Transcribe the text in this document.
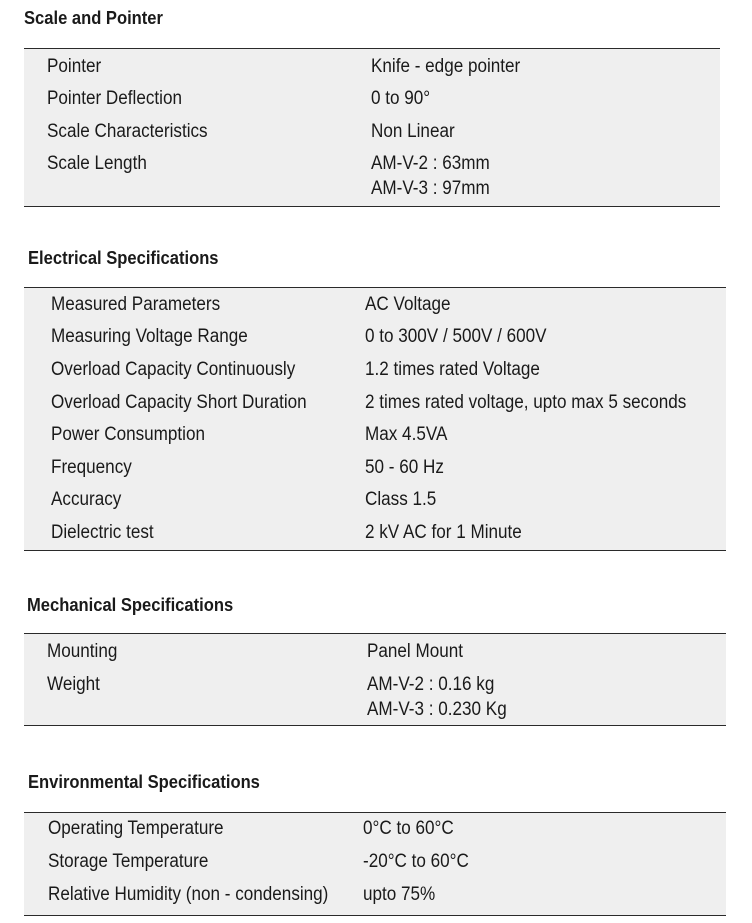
Scale and Pointer
Pointer	Knife - edge pointer
Pointer Deflection	0 to 90°
Scale Characteristics	Non Linear
Scale Length	AM-V-2 : 63mm
AM-V-3 : 97mm
Electrical Specifications
Measured Parameters	AC Voltage
Measuring Voltage Range	0 to 300V / 500V / 600V
Overload Capacity Continuously	1.2 times rated Voltage
Overload Capacity Short Duration	2 times rated voltage, upto max 5 seconds
Power Consumption	Max 4.5VA
Frequency	50 - 60 Hz
Accuracy	Class 1.5
Dielectric test	2 kV AC for 1 Minute
Mechanical Specifications
Mounting	Panel Mount
Weight	AM-V-2 : 0.16 kg
AM-V-3 : 0.230 Kg
Environmental Specifications
Operating Temperature	0°C to 60°C
Storage Temperature	-20°C to 60°C
Relative Humidity (non - condensing) upto 75%
